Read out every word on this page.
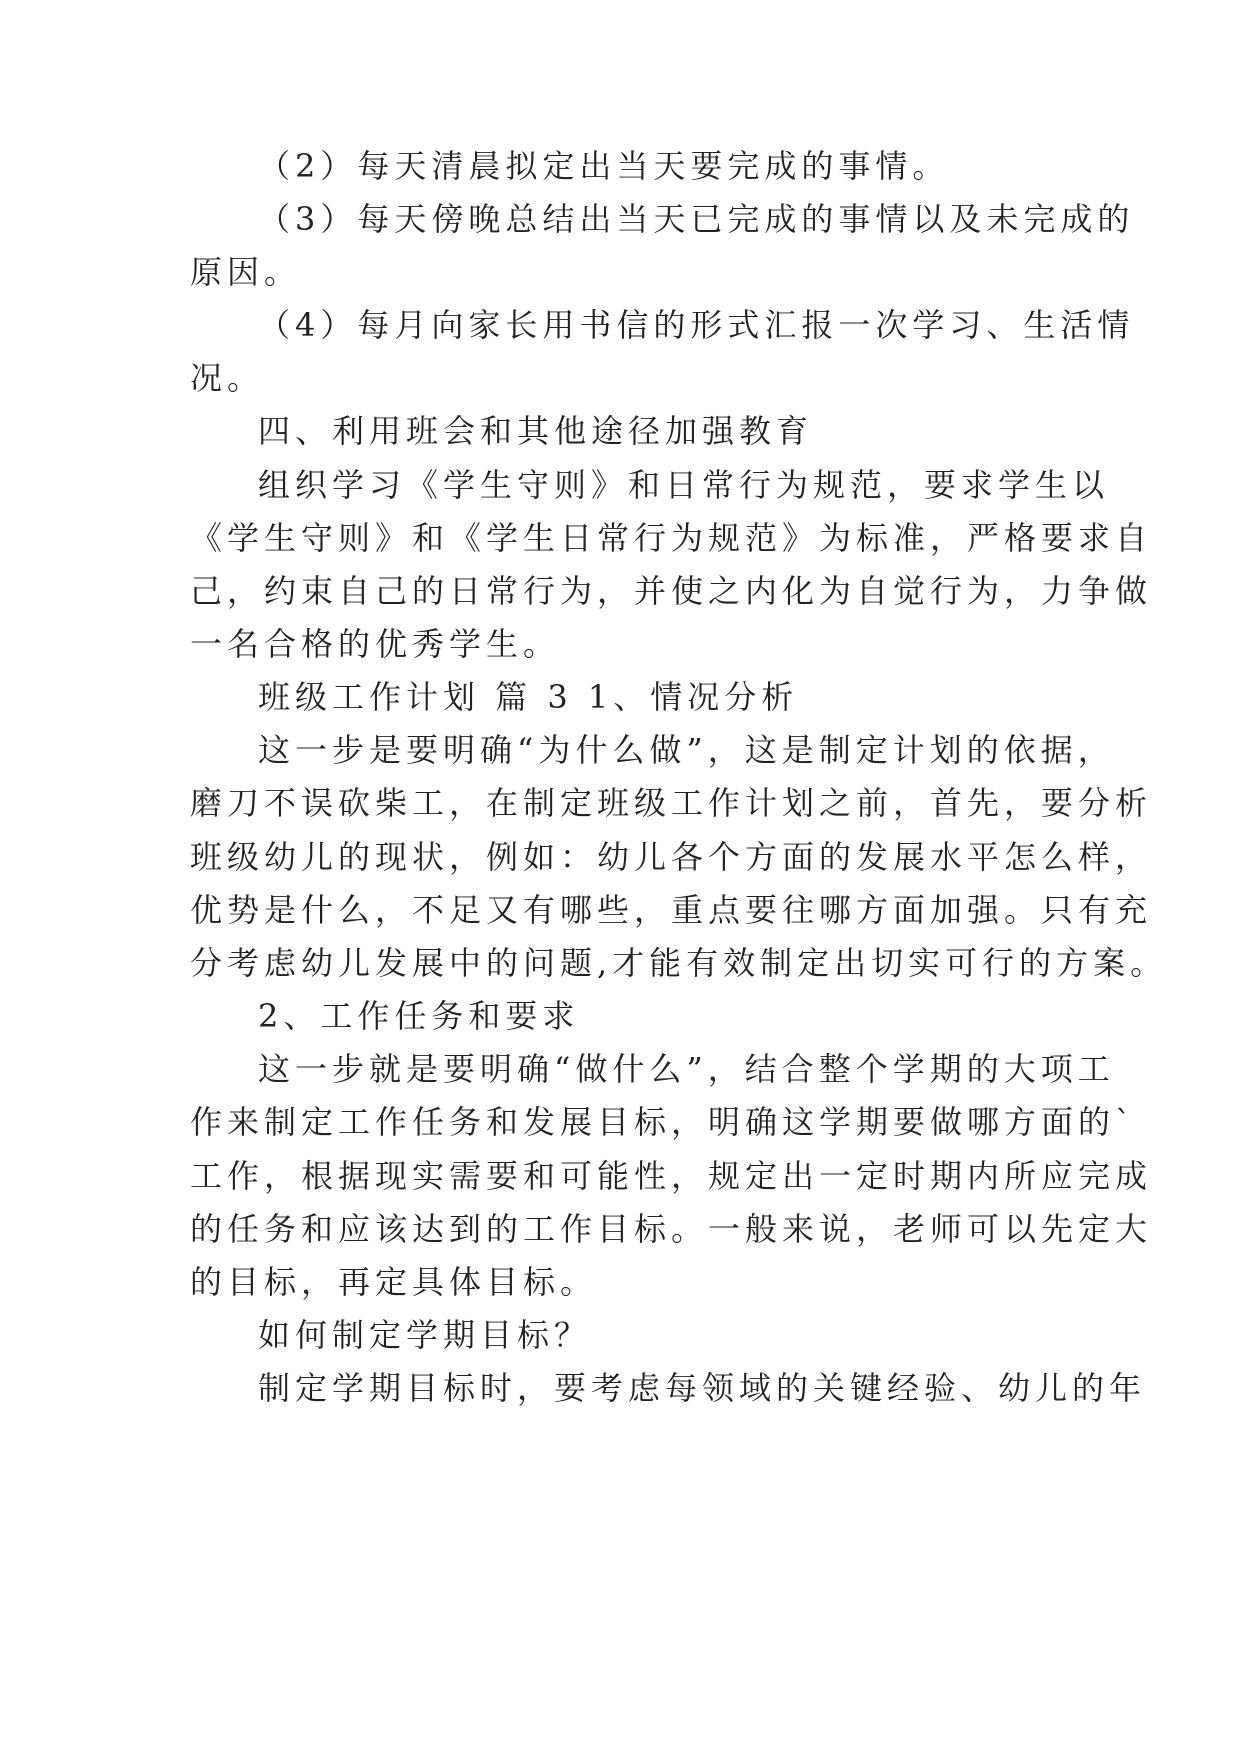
（2）每天清晨拟定出当天要完成的事情。
（3）每天傍晚总结出当天已完成的事情以及未完成的
原因。
（4）每月向家长用书信的形式汇报一次学习、生活情
况。
四、利用班会和其他途径加强教育
组织学习《学生守则》和日常行为规范，要求学生以
《学生守则》和《学生日常行为规范》为标准，严格要求自
己，约束自己的日常行为，并使之内化为自觉行为，力争做
一名合格的优秀学生。
班级工作计划 篇 3 1、情况分析
这一步是要明确“为什么做”，这是制定计划的依据，
磨刀不误砍柴工，在制定班级工作计划之前，首先，要分析
班级幼儿的现状，例如：幼儿各个方面的发展水平怎么样，
优势是什么，不足又有哪些，重点要往哪方面加强。只有充
分考虑幼儿发展中的问题,才能有效制定出切实可行的方案。
2、工作任务和要求
这一步就是要明确“做什么”，结合整个学期的大项工
作来制定工作任务和发展目标，明确这学期要做哪方面的`
工作，根据现实需要和可能性，规定出一定时期内所应完成
的任务和应该达到的工作目标。一般来说，老师可以先定大
的目标，再定具体目标。
如何制定学期目标？
制定学期目标时，要考虑每领域的关键经验、幼儿的年
